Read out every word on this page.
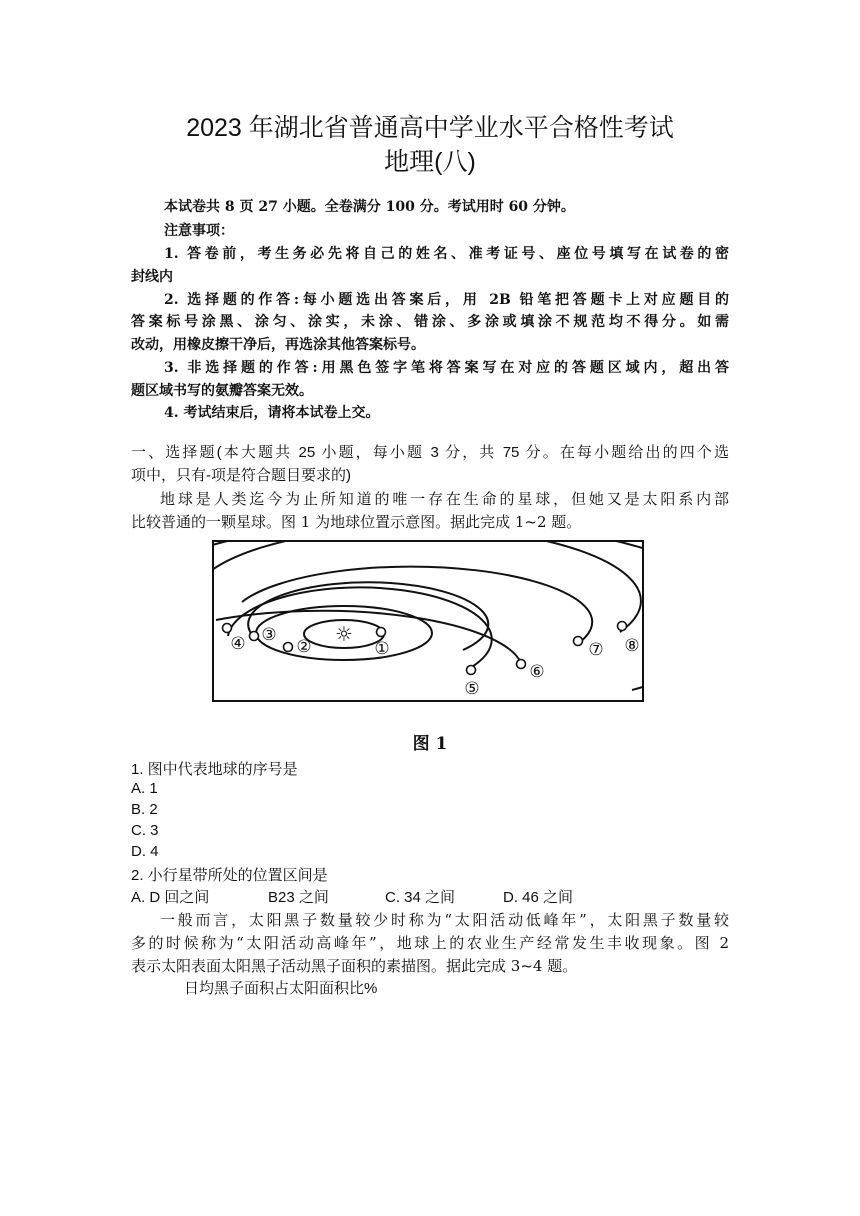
2023 年湖北省普通高中学业水平合格性考试
地理(八)
本试卷共 8 页 27 小题。全卷满分 100 分。考试用时 60 分钟。
注意事项：
1. 答卷前，考生务必先将自己的姓名、准考证号、座位号填写在试卷的密
封线内
2. 选择题的作答:每小题选出答案后，用 2B 铅笔把答题卡上对应题目的
答案标号涂黑、涂匀、涂实，未涂、错涂、多涂或填涂不规范均不得分。如需
改动，用橡皮擦干净后，再选涂其他答案标号。
3. 非选择题的作答:用黑色签字笔将答案写在对应的答题区域内，超出答
题区域书写的氨瓣答案无效。
4. 考试结束后，请将本试卷上交。
一、选择题(本大题共 25 小题，每小题 3 分，共 75 分。在每小题给出的四个选
项中，只有-项是符合题目要求的)
地球是人类迄今为止所知道的唯一存在生命的星球，但她又是太阳系内部
比较普通的一颗星球。图 1 为地球位置示意图。据此完成 1~2 题。
☼
①
②
③
④
⑤
⑥
⑦ ⑧
图 1
1. 图中代表地球的序号是
A. 1
B. 2
C. 3
D. 4
2. 小行星带所处的位置区间是
A. D 回之间	B23 之间	C. 34 之间	D. 46 之间
一般而言，太阳黑子数量较少时称为“太阳活动低峰年”，太阳黑子数量较
多的时候称为“太阳活动高峰年”，地球上的农业生产经常发生丰收现象。图 2
表示太阳表面太阳黑子活动黑子面积的素描图。据此完成 3~4 题。
日均黑子面积占太阳面积比%
